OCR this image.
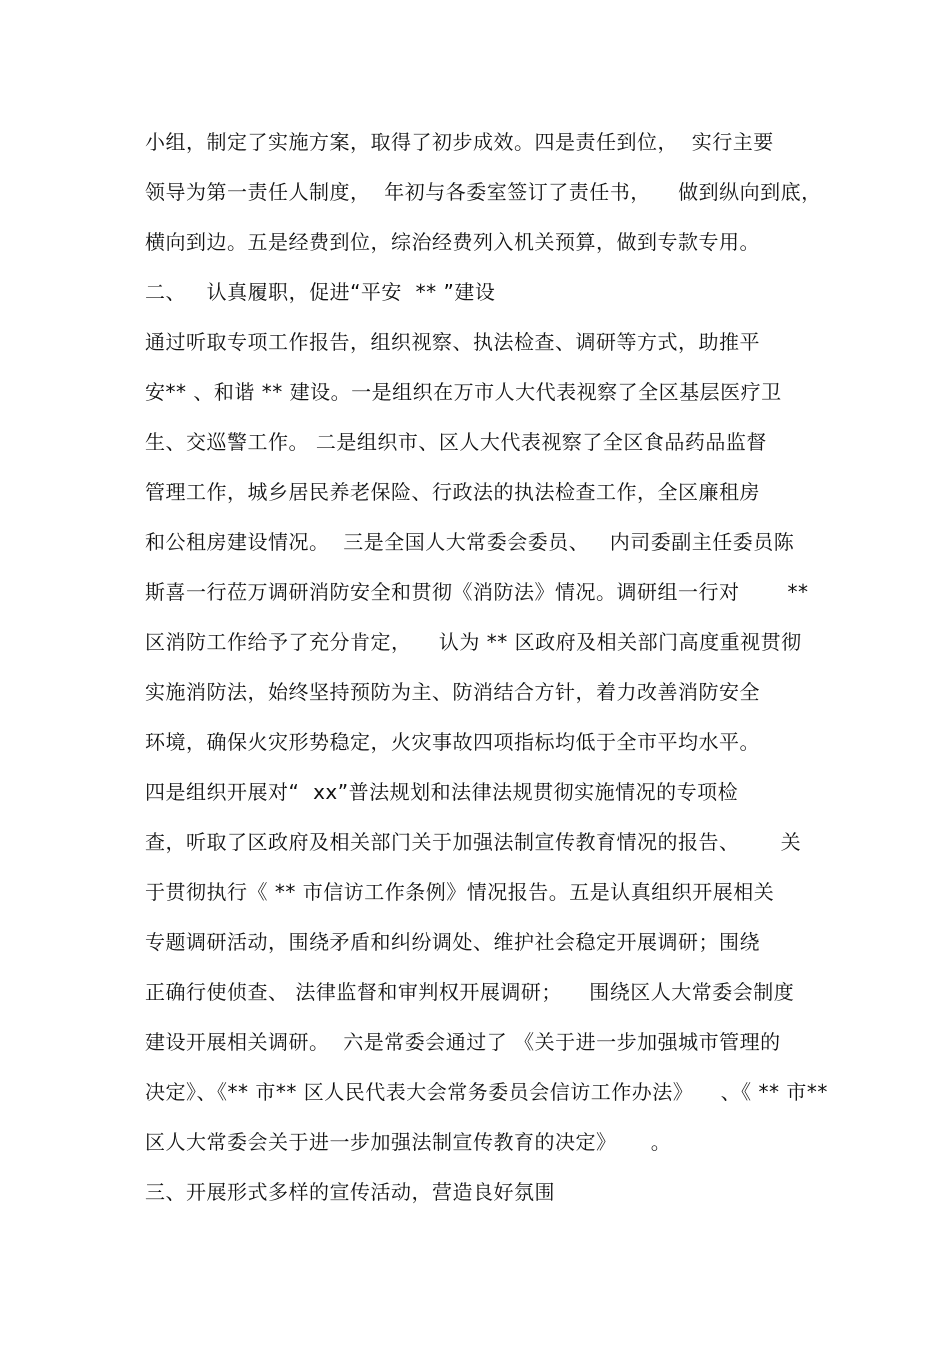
小组，制定了实施方案，取得了初步成效。四是责任到位，  实行主要
领导为第一责任人制度，  年初与各委室签订了责任书，    做到纵向到底，
横向到边。五是经费到位，综治经费列入机关预算，做到专款专用。
二、   认真履职，促进“平安  ** ”建设
通过听取专项工作报告，组织视察、执法检查、调研等方式，助推平
安** 、和谐 ** 建设。一是组织在万市人大代表视察了全区基层医疗卫
生、交巡警工作。 二是组织市、区人大代表视察了全区食品药品监督
管理工作，城乡居民养老保险、行政法的执法检查工作，全区廉租房
和公租房建设情况。  三是全国人大常委会委员、   内司委副主任委员陈
斯喜一行莅万调研消防安全和贯彻《消防法》情况。调研组一行对       **
区消防工作给予了充分肯定，    认为 ** 区政府及相关部门高度重视贯彻
实施消防法，始终坚持预防为主、防消结合方针，着力改善消防安全
环境，确保火灾形势稳定，火灾事故四项指标均低于全市平均水平。
四是组织开展对“  xx”普法规划和法律法规贯彻实施情况的专项检
查，听取了区政府及相关部门关于加强法制宣传教育情况的报告、      关
于贯彻执行《 ** 市信访工作条例》情况报告。五是认真组织开展相关
专题调研活动，围绕矛盾和纠纷调处、维护社会稳定开展调研；围绕
正确行使侦查、 法律监督和审判权开展调研；    围绕区人大常委会制度
建设开展相关调研。  六是常委会通过了 《关于进一步加强城市管理的
决定》、《** 市** 区人民代表大会常务委员会信访工作办法》    、《 ** 市**
区人大常委会关于进一步加强法制宣传教育的决定》     。
三、开展形式多样的宣传活动，营造良好氛围
